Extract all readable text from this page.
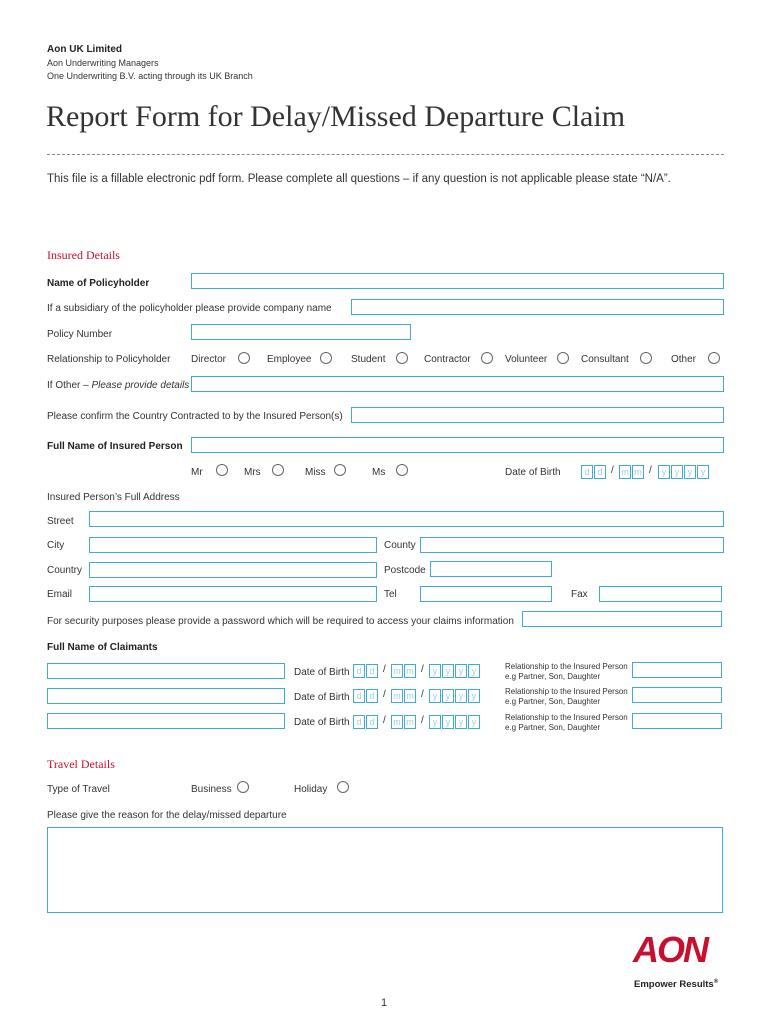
Aon UK Limited
Aon Underwriting Managers
One Underwriting B.V. acting through its UK Branch
Report Form for Delay/Missed Departure Claim
This file is a fillable electronic pdf form. Please complete all questions – if any question is not applicable please state “N/A”.
Insured Details
Name of Policyholder
If a subsidiary of the policyholder please provide company name
Policy Number
Relationship to Policyholder Director	Employee	Student	Contractor	Volunteer	Consultant	Other
If Other – Please provide details
Please confirm the Country Contracted to by the Insured Person(s)
Full Name of Insured Person
Mr	Mrs	Miss	Ms	Date of Birth	d d / m m /	y y y y
Insured Person’s Full Address
Street
City	County
Country	Postcode
Email	Tel	Fax
For security purposes please provide a password which will be required to access your claims information
Full Name of Claimants
Date of Birth d d / m m / y y y y	Relationship to the Insured Person
e.g Partner, Son, Daughter
Date of Birth d d / m m / y y y y	Relationship to the Insured Person
e.g Partner, Son, Daughter
Date of Birth d d / m m / y y y y	Relationship to the Insured Person
e.g Partner, Son, Daughter
Travel Details
Type of Travel	Business	Holiday
Please give the reason for the delay/missed departure
AON
Empower Results®
1
